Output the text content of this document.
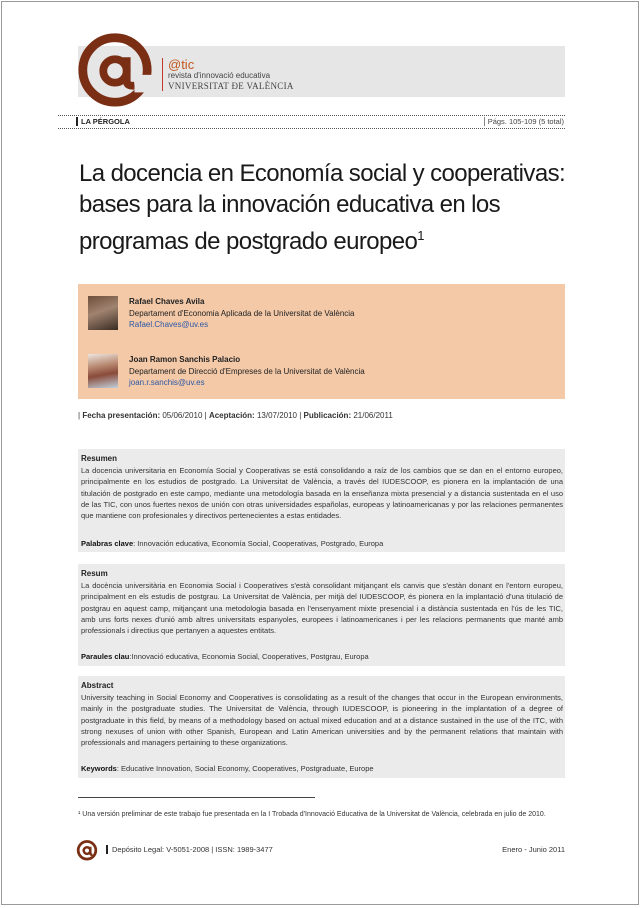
@tic
revista d'innovació educativa
VNIVERSITAT ÐE VALÈNCIA
LA PÉRGOLA	Págs. 105-109 (5 total)
La docencia en Economía social y cooperativas: bases para la innovación educativa en los programas de postgrado europeo$^1$
Rafael Chaves Avila
Departament d'Economia Aplicada de la Universitat de València
Rafael.Chaves@uv.es
Joan Ramon Sanchis Palacio
Departament de Direcció d'Empreses de la Universitat de València
joan.r.sanchis@uv.es
| Fecha presentación: 05/06/2010 | Aceptación: 13/07/2010 | Publicación: 21/06/2011
Resumen
La docencia universitaria en Economía Social y Cooperativas se está consolidando a raíz de los cambios que se dan en el entorno europeo, principalmente en los estudios de postgrado. La Universitat de València, a través del IUDESCOOP, es pionera en la implantación de una titulación de postgrado en este campo, mediante una metodología basada en la enseñanza mixta presencial y a distancia sustentada en el uso de las TIC, con unos fuertes nexos de unión con otras universidades españolas, europeas y latinoamericanas y por las relaciones permanentes que mantiene con profesionales y directivos pertenecientes a estas entidades.
Palabras clave: Innovación educativa, Economía Social, Cooperativas, Postgrado, Europa
Resum
La docència universitària en Economia Social i Cooperatives s'està consolidant mitjançant els canvis que s'estàn donant en l'entorn europeu, principalment en els estudis de postgrau. La Universitat de València, per mitjà del IUDESCOOP, és pionera en la implantació d'una titulació de postgrau en aquest camp, mitjançant una metodologia basada en l'ensenyament mixte presencial i a distància sustentada en l'ús de les TIC, amb uns forts nexes d'unió amb altres universitats espanyoles, europees i latinoamericanes i per les relacions permanents que manté amb professionals i directius que pertanyen a aquestes entitats.
Paraules clau:Innovació educativa, Economia Social, Cooperatives, Postgrau, Europa
Abstract
University teaching in Social Economy and Cooperatives is consolidating as a result of the changes that occur in the European environments, mainly in the postgraduate studies. The Universitat de València, through IUDESCOOP, is pioneering in the implantation of a degree of postgraduate in this field, by means of a methodology based on actual mixed education and at a distance sustained in the use of the ITC, with strong nexuses of union with other Spanish, European and Latin American universities and by the permanent relations that maintain with professionals and managers pertaining to these organizations.
Keywords: Educative Innovation, Social Economy, Cooperatives, Postgraduate, Europe
¹ Una versión preliminar de este trabajo fue presentada en la I Trobada d'Innovació Educativa de la Universitat de València, celebrada en julio de 2010.
Depósito Legal: V-5051-2008 | ISSN: 1989-3477	Enero - Junio 2011
